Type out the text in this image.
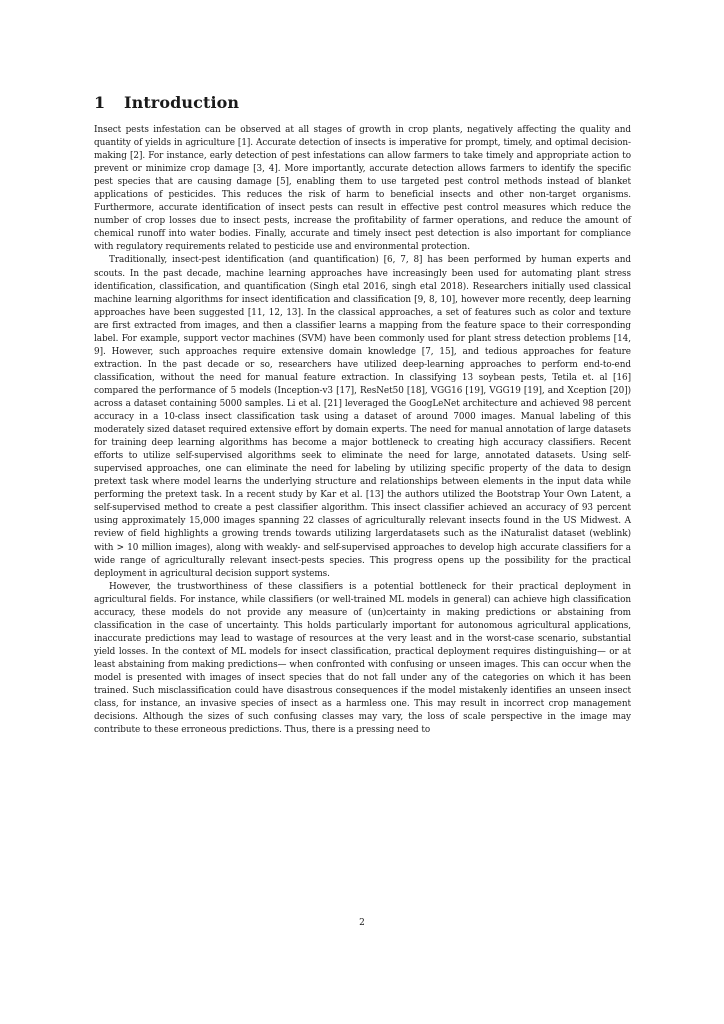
1 Introduction

Insect pests infestation can be observed at all stages of growth in crop plants, negatively affecting the quality and quantity of yields in agriculture [1]. Accurate detection of insects is imperative for prompt, timely, and optimal decision-making [2]. For instance, early detection of pest infestations can allow farmers to take timely and appropriate action to prevent or minimize crop damage [3, 4]. More importantly, accurate detection allows farmers to identify the specific pest species that are causing damage [5], enabling them to use targeted pest control methods instead of blanket applications of pesticides. This reduces the risk of harm to beneficial insects and other non-target organisms. Furthermore, accurate identification of insect pests can result in effective pest control measures which reduce the number of crop losses due to insect pests, increase the profitability of farmer operations, and reduce the amount of chemical runoff into water bodies. Finally, accurate and timely insect pest detection is also important for compliance with regulatory requirements related to pesticide use and environmental protection.

Traditionally, insect-pest identification (and quantification) [6, 7, 8] has been performed by human experts and scouts. In the past decade, machine learning approaches have increasingly been used for automating plant stress identification, classification, and quantification (Singh etal 2016, singh etal 2018). Researchers initially used classical machine learning algorithms for insect identification and classification [9, 8, 10], however more recently, deep learning approaches have been suggested [11, 12, 13]. In the classical approaches, a set of features such as color and texture are first extracted from images, and then a classifier learns a mapping from the feature space to their corresponding label. For example, support vector machines (SVM) have been commonly used for plant stress detection problems [14, 9]. However, such approaches require extensive domain knowledge [7, 15], and tedious approaches for feature extraction. In the past decade or so, researchers have utilized deep-learning approaches to perform end-to-end classification, without the need for manual feature extraction. In classifying 13 soybean pests, Tetila et. al [16] compared the performance of 5 models (Inception-v3 [17], ResNet50 [18], VGG16 [19], VGG19 [19], and Xception [20]) across a dataset containing 5000 samples. Li et al. [21] leveraged the GoogLeNet architecture and achieved 98 percent accuracy in a 10-class insect classification task using a dataset of around 7000 images. Manual labeling of this moderately sized dataset required extensive effort by domain experts. The need for manual annotation of large datasets for training deep learning algorithms has become a major bottleneck to creating high accuracy classifiers. Recent efforts to utilize self-supervised algorithms seek to eliminate the need for large, annotated datasets. Using self-supervised approaches, one can eliminate the need for labeling by utilizing specific property of the data to design pretext task where model learns the underlying structure and relationships between elements in the input data while performing the pretext task. In a recent study by Kar et al. [13] the authors utilized the Bootstrap Your Own Latent, a self-supervised method to create a pest classifier algorithm. This insect classifier achieved an accuracy of 93 percent using approximately 15,000 images spanning 22 classes of agriculturally relevant insects found in the US Midwest. A review of field highlights a growing trends towards utilizing largerdatasets such as the iNaturalist dataset (weblink) with > 10 million images), along with weakly- and self-supervised approaches to develop high accurate classifiers for a wide range of agriculturally relevant insect-pests species. This progress opens up the possibility for the practical deployment in agricultural decision support systems.

However, the trustworthiness of these classifiers is a potential bottleneck for their practical deployment in agricultural fields. For instance, while classifiers (or well-trained ML models in general) can achieve high classification accuracy, these models do not provide any measure of (un)certainty in making predictions or abstaining from classification in the case of uncertainty. This holds particularly important for autonomous agricultural applications, inaccurate predictions may lead to wastage of resources at the very least and in the worst-case scenario, substantial yield losses. In the context of ML models for insect classification, practical deployment requires distinguishing— or at least abstaining from making predictions— when confronted with confusing or unseen images. This can occur when the model is presented with images of insect species that do not fall under any of the categories on which it has been trained. Such misclassification could have disastrous consequences if the model mistakenly identifies an unseen insect class, for instance, an invasive species of insect as a harmless one. This may result in incorrect crop management decisions. Although the sizes of such confusing classes may vary, the loss of scale perspective in the image may contribute to these erroneous predictions. Thus, there is a pressing need to

2
